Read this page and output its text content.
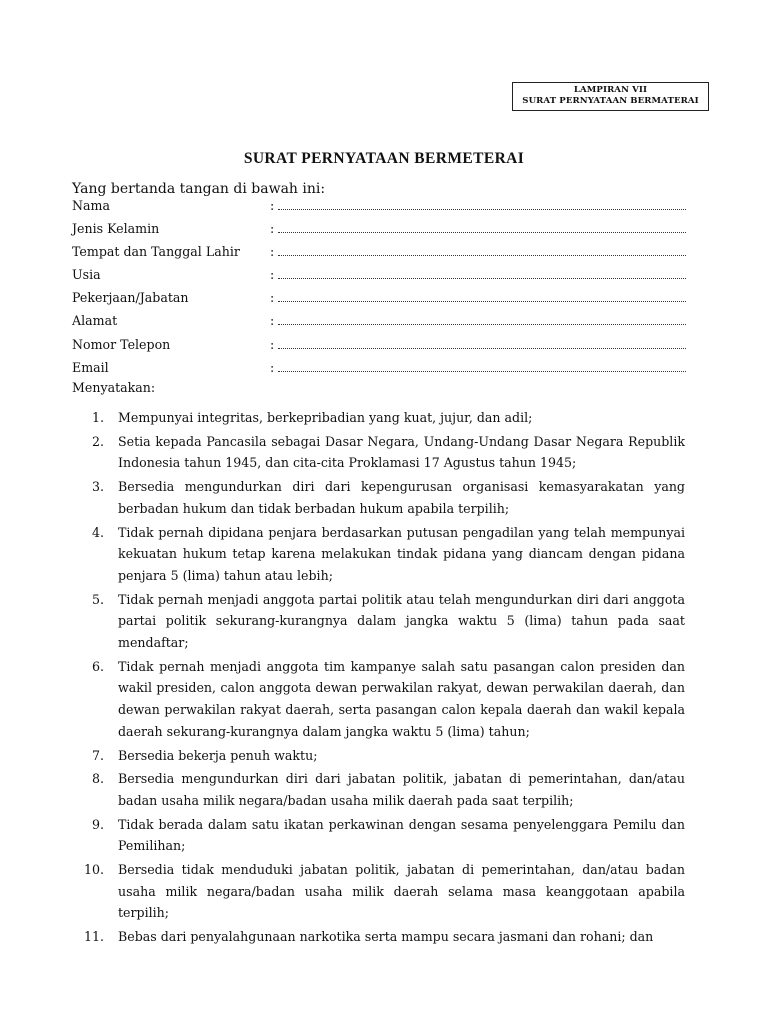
LAMPIRAN VII
SURAT PERNYATAAN BERMATERAI
SURAT PERNYATAAN BERMETERAI
Yang bertanda tangan di bawah ini:
Nama	:
Jenis Kelamin	:
Tempat dan Tanggal Lahir :
Usia	:
Pekerjaan/Jabatan	:
Alamat	:
Nomor Telepon	:
Email	:
Menyatakan:
1. Mempunyai integritas, berkepribadian yang kuat, jujur, dan adil;
2. Setia kepada Pancasila sebagai Dasar Negara, Undang-Undang Dasar Negara Republik Indonesia tahun 1945, dan cita-cita Proklamasi 17 Agustus tahun 1945;
3. Bersedia mengundurkan diri dari kepengurusan organisasi kemasyarakatan yang berbadan hukum dan tidak berbadan hukum apabila terpilih;
4. Tidak pernah dipidana penjara berdasarkan putusan pengadilan yang telah mempunyai kekuatan hukum tetap karena melakukan tindak pidana yang diancam dengan pidana penjara 5 (lima) tahun atau lebih;
5. Tidak pernah menjadi anggota partai politik atau telah mengundurkan diri dari anggota partai politik sekurang-kurangnya dalam jangka waktu 5 (lima) tahun pada saat mendaftar;
6. Tidak pernah menjadi anggota tim kampanye salah satu pasangan calon presiden dan wakil presiden, calon anggota dewan perwakilan rakyat, dewan perwakilan daerah, dan dewan perwakilan rakyat daerah, serta pasangan calon kepala daerah dan wakil kepala daerah sekurang-kurangnya dalam jangka waktu 5 (lima) tahun;
7. Bersedia bekerja penuh waktu;
8. Bersedia mengundurkan diri dari jabatan politik, jabatan di pemerintahan, dan/atau badan usaha milik negara/badan usaha milik daerah pada saat terpilih;
9. Tidak berada dalam satu ikatan perkawinan dengan sesama penyelenggara Pemilu dan Pemilihan;
10. Bersedia tidak menduduki jabatan politik, jabatan di pemerintahan, dan/atau badan usaha milik negara/badan usaha milik daerah selama masa keanggotaan apabila terpilih;
11. Bebas dari penyalahgunaan narkotika serta mampu secara jasmani dan rohani; dan
